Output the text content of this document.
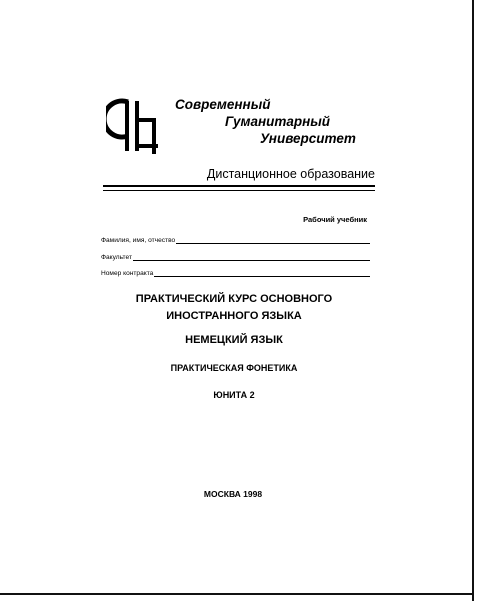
Современный
Гуманитарный
Университет
Дистанционное образование
Рабочий учебник
Фамилия, имя, отчество
Факультет
Номер контракта
ПРАКТИЧЕСКИЙ КУРС ОСНОВНОГО
ИНОСТРАННОГО ЯЗЫКА
НЕМЕЦКИЙ ЯЗЫК
ПРАКТИЧЕСКАЯ ФОНЕТИКА
ЮНИТА 2
МОСКВА 1998
